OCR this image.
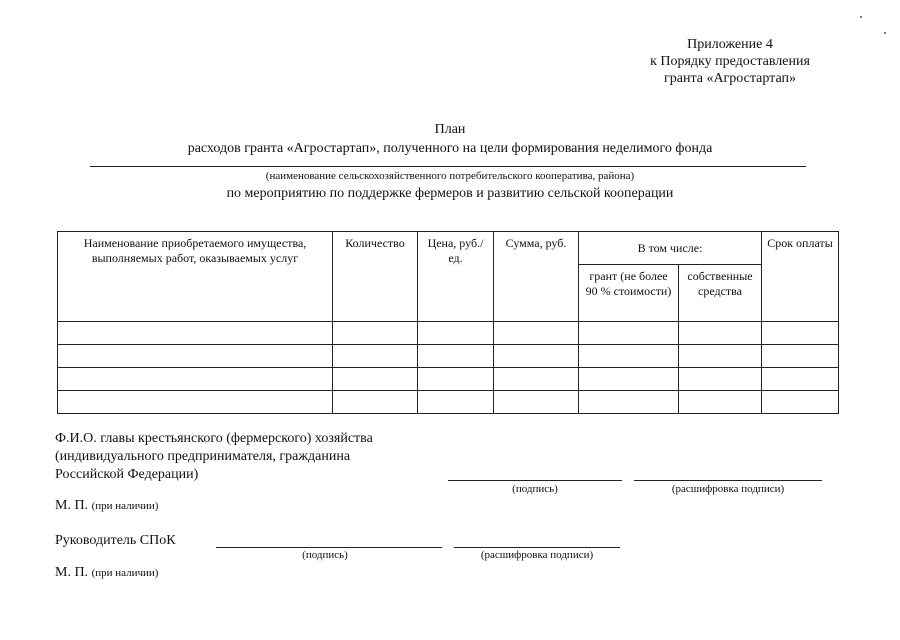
Приложение 4
к Порядку предоставления
гранта «Агростартап»
План
расходов гранта «Агростартап», полученного на цели формирования неделимого фонда
(наименование сельскохозяйственного потребительского кооператива, района)
по мероприятию по поддержке фермеров и развитию сельской кооперации
Наименование приобретаемого имущества, выполняемых работ, оказываемых услуг	Количество	Цена, руб./ед.	Сумма, руб.	В том числе:		Срок оплаты
				грант (не более 90 % стоимости)	собственные средства	

Ф.И.О. главы крестьянского (фермерского) хозяйства (индивидуального предпринимателя, гражданина Российской Федерации)
(подпись)	(расшифровка подписи)
М. П. (при наличии)
Руководитель СПоК
(подпись)	(расшифровка подписи)
М. П. (при наличии)
